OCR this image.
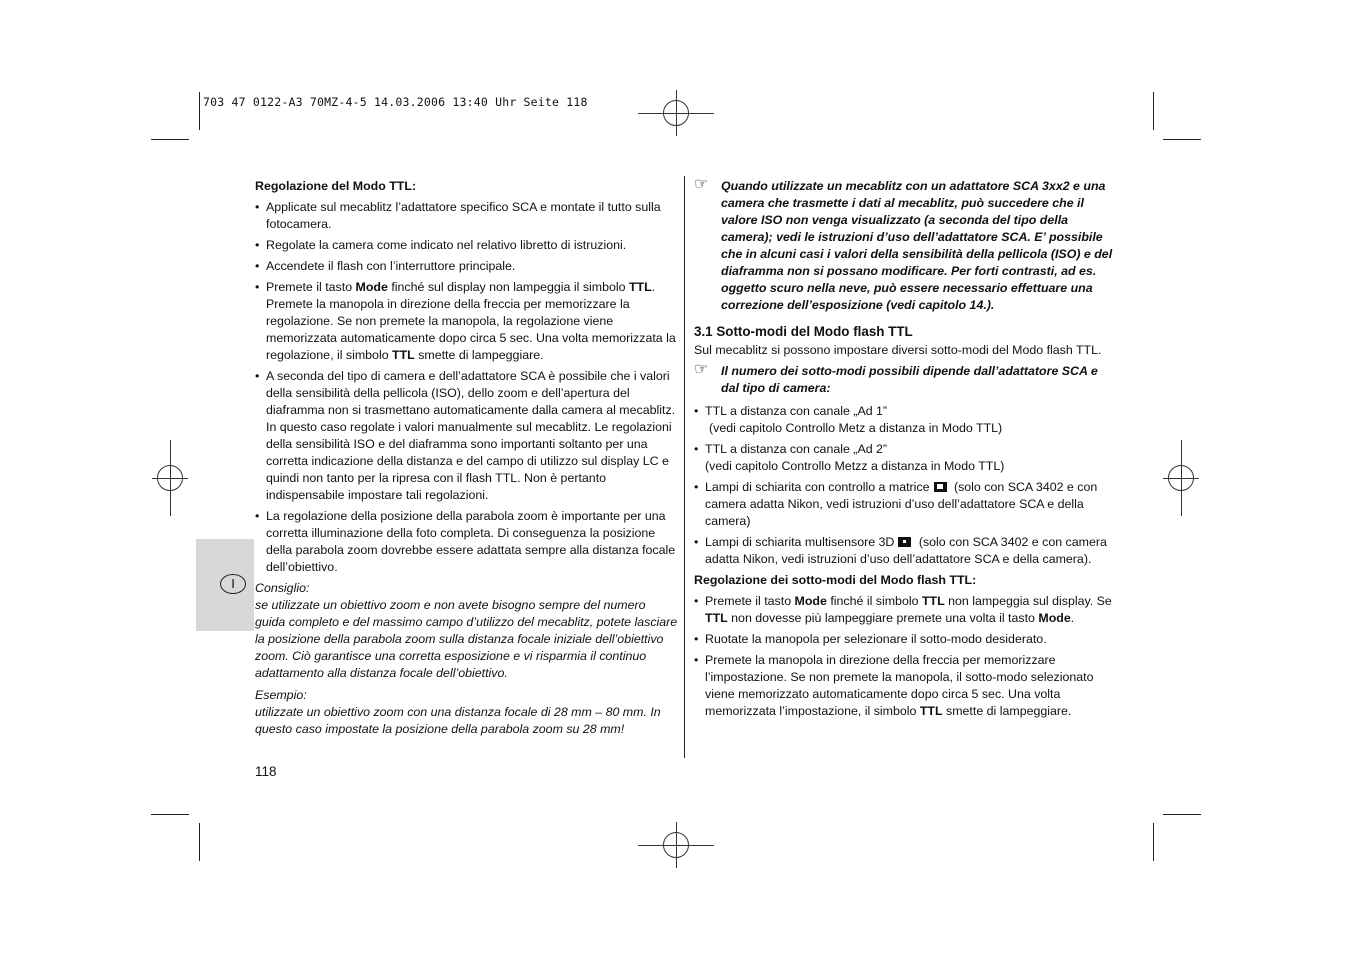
703 47 0122-A3 70MZ-4-5 14.03.2006 13:40 Uhr Seite 118
I

Regolazione del Modo TTL:

• Applicate sul mecablitz l’adattatore specifico SCA e montate il tutto sulla fotocamera.

• Regolate la camera come indicato nel relativo libretto di istruzioni.

• Accendete il flash con l’interruttore principale.

• Premete il tasto Mode finché sul display non lampeggia il simbolo TTL. Premete la manopola in direzione della freccia per memorizzare la regolazione. Se non premete la manopola, la regolazione viene memorizzata automaticamente dopo circa 5 sec. Una volta memorizzata la regolazione, il simbolo TTL smette di lampeggiare.

• A seconda del tipo di camera e dell’adattatore SCA è possibile che i valori della sensibilità della pellicola (ISO), dello zoom e dell’apertura del diaframma non si trasmettano automaticamente dalla camera al mecablitz. In questo caso regolate i valori manualmente sul mecablitz. Le regolazioni della sensibilità ISO e del diaframma sono importanti soltanto per una corretta indicazione della distanza e del campo di utilizzo sul display LC e quindi non tanto per la ripresa con il flash TTL. Non è pertanto indispensabile impostare tali regolazioni.

• La regolazione della posizione della parabola zoom è importante per una corretta illuminazione della foto completa. Di conseguenza la posizione della parabola zoom dovrebbe essere adattata sempre alla distanza focale dell’obiettivo.

Consiglio:

se utilizzate un obiettivo zoom e non avete bisogno sempre del numero guida completo e del massimo campo d’utilizzo del mecablitz, potete lasciare la posizione della parabola zoom sulla distanza focale iniziale dell’obiettivo zoom. Ciò garantisce una corretta esposizione e vi risparmia il continuo adattamento alla distanza focale dell’obiettivo.

Esempio:

utilizzate un obiettivo zoom con una distanza focale di 28 mm – 80 mm. In questo caso impostate la posizione della parabola zoom su 28 mm!

118

☞ Quando utilizzate un mecablitz con un adattatore SCA 3xx2 e una camera che trasmette i dati al mecablitz, può succedere che il valore ISO non venga visualizzato (a seconda del tipo della camera); vedi le istruzioni d’uso dell’adattatore SCA. E’ possibile che in alcuni casi i valori della sensibilità della pellicola (ISO) e del diaframma non si possano modificare. Per forti contrasti, ad es. oggetto scuro nella neve, può essere necessario effettuare una correzione dell’esposizione (vedi capitolo 14.).

3.1 Sotto-modi del Modo flash TTL

Sul mecablitz si possono impostare diversi sotto-modi del Modo flash TTL.

☞ Il numero dei sotto-modi possibili dipende dall’adattatore SCA e dal tipo di camera:

• TTL a distanza con canale „Ad 1”
(vedi capitolo Controllo Metz a distanza in Modo TTL)

• TTL a distanza con canale „Ad 2”
(vedi capitolo Controllo Metzz a distanza in Modo TTL)

• Lampi di schiarita con controllo a matrice (solo con SCA 3402 e con camera adatta Nikon, vedi istruzioni d’uso dell’adattatore SCA e della camera)

• Lampi di schiarita multisensore 3D (solo con SCA 3402 e con camera adatta Nikon, vedi istruzioni d’uso dell’adattatore SCA e della camera).

Regolazione dei sotto-modi del Modo flash TTL:

• Premete il tasto Mode finché il simbolo TTL non lampeggia sul display. Se TTL non dovesse più lampeggiare premete una volta il tasto Mode.

• Ruotate la manopola per selezionare il sotto-modo desiderato.

• Premete la manopola in direzione della freccia per memorizzare l’impostazione. Se non premete la manopola, il sotto-modo selezionato viene memorizzato automaticamente dopo circa 5 sec. Una volta memorizzata l’impostazione, il simbolo TTL smette di lampeggiare.
